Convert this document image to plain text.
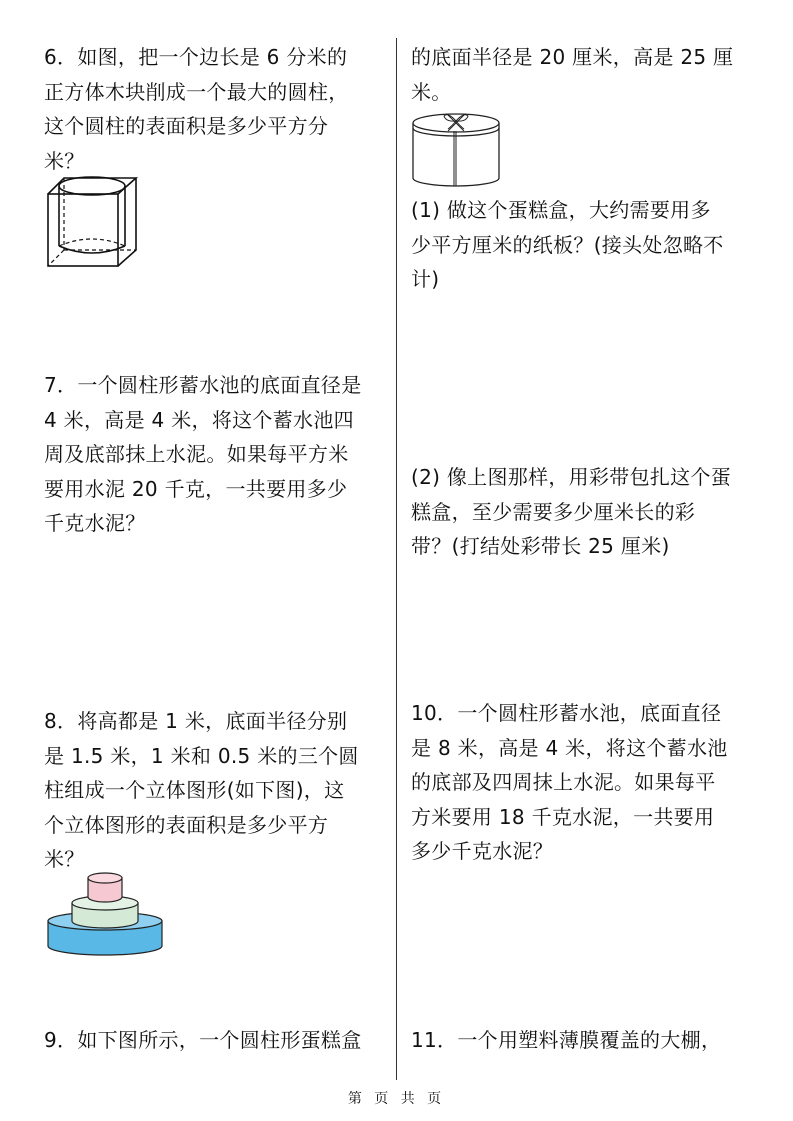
6．如图，把一个边长是 6 分米的
正方体木块削成一个最大的圆柱，
这个圆柱的表面积是多少平方分
米？
7．一个圆柱形蓄水池的底面直径是
4 米，高是 4 米，将这个蓄水池四
周及底部抹上水泥。如果每平方米
要用水泥 20 千克，一共要用多少
千克水泥？
8．将高都是 1 米，底面半径分别
是 1.5 米，1 米和 0.5 米的三个圆
柱组成一个立体图形(如下图)，这
个立体图形的表面积是多少平方
米？
9．如下图所示，一个圆柱形蛋糕盒
的底面半径是 20 厘米，高是 25 厘
米。
(1) 做这个蛋糕盒，大约需要用多
少平方厘米的纸板？(接头处忽略不
计)
(2) 像上图那样，用彩带包扎这个蛋
糕盒，至少需要多少厘米长的彩
带？(打结处彩带长 25 厘米)
10．一个圆柱形蓄水池，底面直径
是 8 米，高是 4 米，将这个蓄水池
的底部及四周抹上水泥。如果每平
方米要用 18 千克水泥，一共要用
多少千克水泥？
11．一个用塑料薄膜覆盖的大棚，
第 页 共 页
